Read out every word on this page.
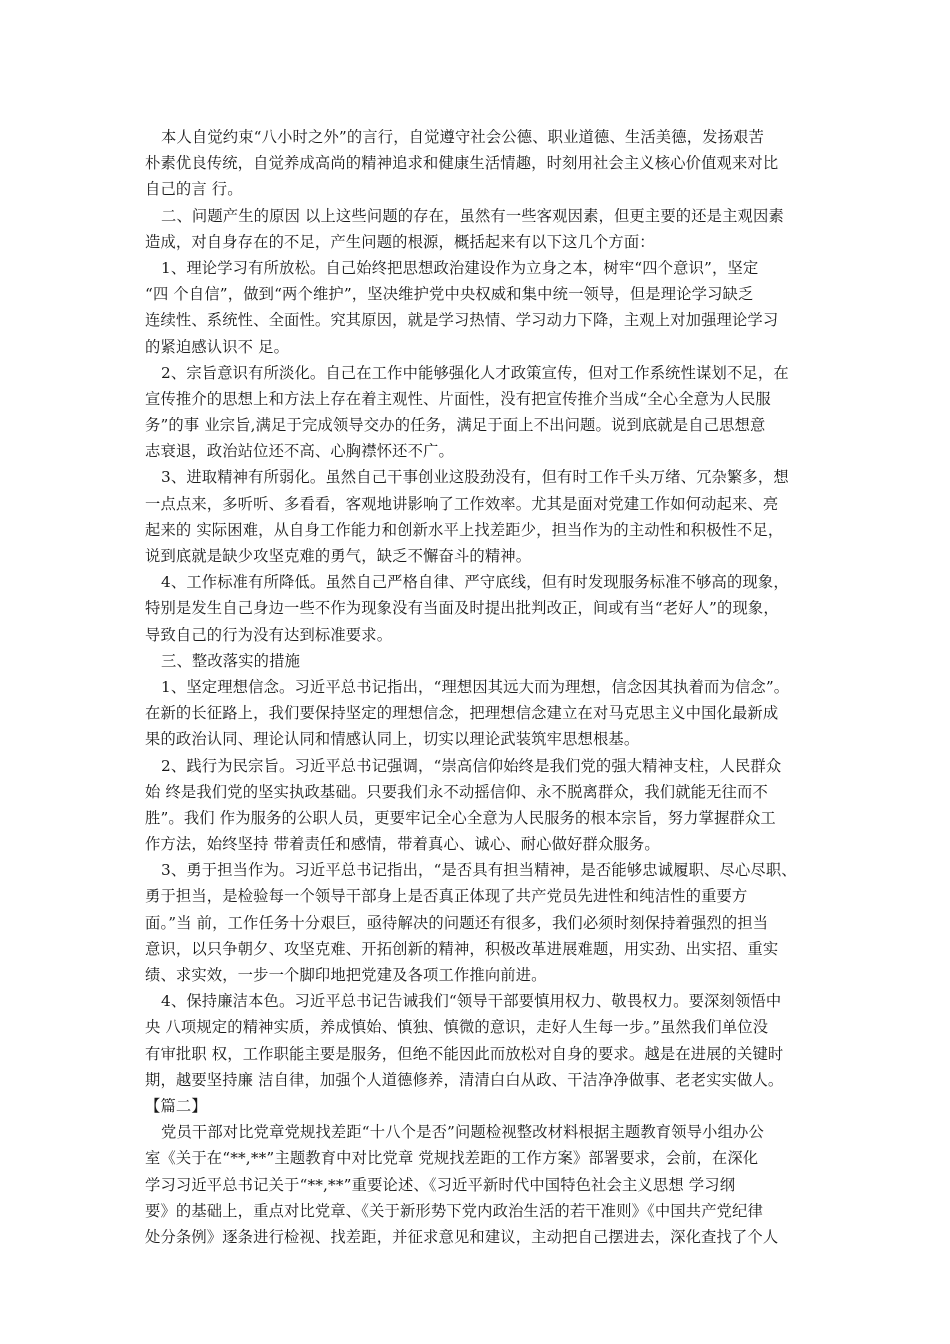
本人自觉约束“八小时之外”的言行，自觉遵守社会公德、职业道德、生活美德，发扬艰苦
朴素优良传统，自觉养成高尚的精神追求和健康生活情趣，时刻用社会主义核心价值观来对比
自己的言 行。
二、问题产生的原因 以上这些问题的存在，虽然有一些客观因素，但更主要的还是主观因素
造成，对自身存在的不足，产生问题的根源，概括起来有以下这几个方面：
1、理论学习有所放松。自己始终把思想政治建设作为立身之本，树牢“四个意识”，坚定
“四 个自信”，做到“两个维护”，坚决维护党中央权威和集中统一领导，但是理论学习缺乏
连续性、系统性、全面性。究其原因，就是学习热情、学习动力下降，主观上对加强理论学习
的紧迫感认识不 足。
2、宗旨意识有所淡化。自己在工作中能够强化人才政策宣传，但对工作系统性谋划不足，在
宣传推介的思想上和方法上存在着主观性、片面性，没有把宣传推介当成“全心全意为人民服
务”的事 业宗旨,满足于完成领导交办的任务，满足于面上不出问题。说到底就是自己思想意
志衰退，政治站位还不高、心胸襟怀还不广。
3、进取精神有所弱化。虽然自己干事创业这股劲没有，但有时工作千头万绪、冗杂繁多，想
一点点来，多听听、多看看，客观地讲影响了工作效率。尤其是面对党建工作如何动起来、亮
起来的 实际困难，从自身工作能力和创新水平上找差距少，担当作为的主动性和积极性不足，
说到底就是缺少攻坚克难的勇气，缺乏不懈奋斗的精神。
4、工作标准有所降低。虽然自己严格自律、严守底线，但有时发现服务标准不够高的现象，
特别是发生自己身边一些不作为现象没有当面及时提出批判改正，间或有当“老好人”的现象，
导致自己的行为没有达到标准要求。
三、整改落实的措施
1、坚定理想信念。习近平总书记指出，“理想因其远大而为理想，信念因其执着而为信念”。
在新的长征路上，我们要保持坚定的理想信念，把理想信念建立在对马克思主义中国化最新成
果的政治认同、理论认同和情感认同上，切实以理论武装筑牢思想根基。
2、践行为民宗旨。习近平总书记强调，“崇高信仰始终是我们党的强大精神支柱，人民群众
始 终是我们党的坚实执政基础。只要我们永不动摇信仰、永不脱离群众，我们就能无往而不
胜”。我们 作为服务的公职人员，更要牢记全心全意为人民服务的根本宗旨，努力掌握群众工
作方法，始终坚持 带着责任和感情，带着真心、诚心、耐心做好群众服务。
3、勇于担当作为。习近平总书记指出，“是否具有担当精神，是否能够忠诚履职、尽心尽职、
勇于担当，是检验每一个领导干部身上是否真正体现了共产党员先进性和纯洁性的重要方
面。”当 前，工作任务十分艰巨，亟待解决的问题还有很多，我们必须时刻保持着强烈的担当
意识，以只争朝夕、攻坚克难、开拓创新的精神，积极改革进展难题，用实劲、出实招、重实
绩、求实效，一步一个脚印地把党建及各项工作推向前进。
4、保持廉洁本色。习近平总书记告诫我们“领导干部要慎用权力、敬畏权力。要深刻领悟中
央 八项规定的精神实质，养成慎始、慎独、慎微的意识，走好人生每一步。”虽然我们单位没
有审批职 权，工作职能主要是服务，但绝不能因此而放松对自身的要求。越是在进展的关键时
期，越要坚持廉 洁自律，加强个人道德修养，清清白白从政、干洁净净做事、老老实实做人。
【篇二】
党员干部对比党章党规找差距“十八个是否”问题检视整改材料根据主题教育领导小组办公
室《关于在“**,**”主题教育中对比党章 党规找差距的工作方案》部署要求，会前，在深化
学习习近平总书记关于“**,**”重要论述、《习近平新时代中国特色社会主义思想 学习纲
要》的基础上，重点对比党章、《关于新形势下党内政治生活的若干准则》《中国共产党纪律
处分条例》逐条进行检视、找差距，并征求意见和建议，主动把自己摆进去，深化查找了个人
